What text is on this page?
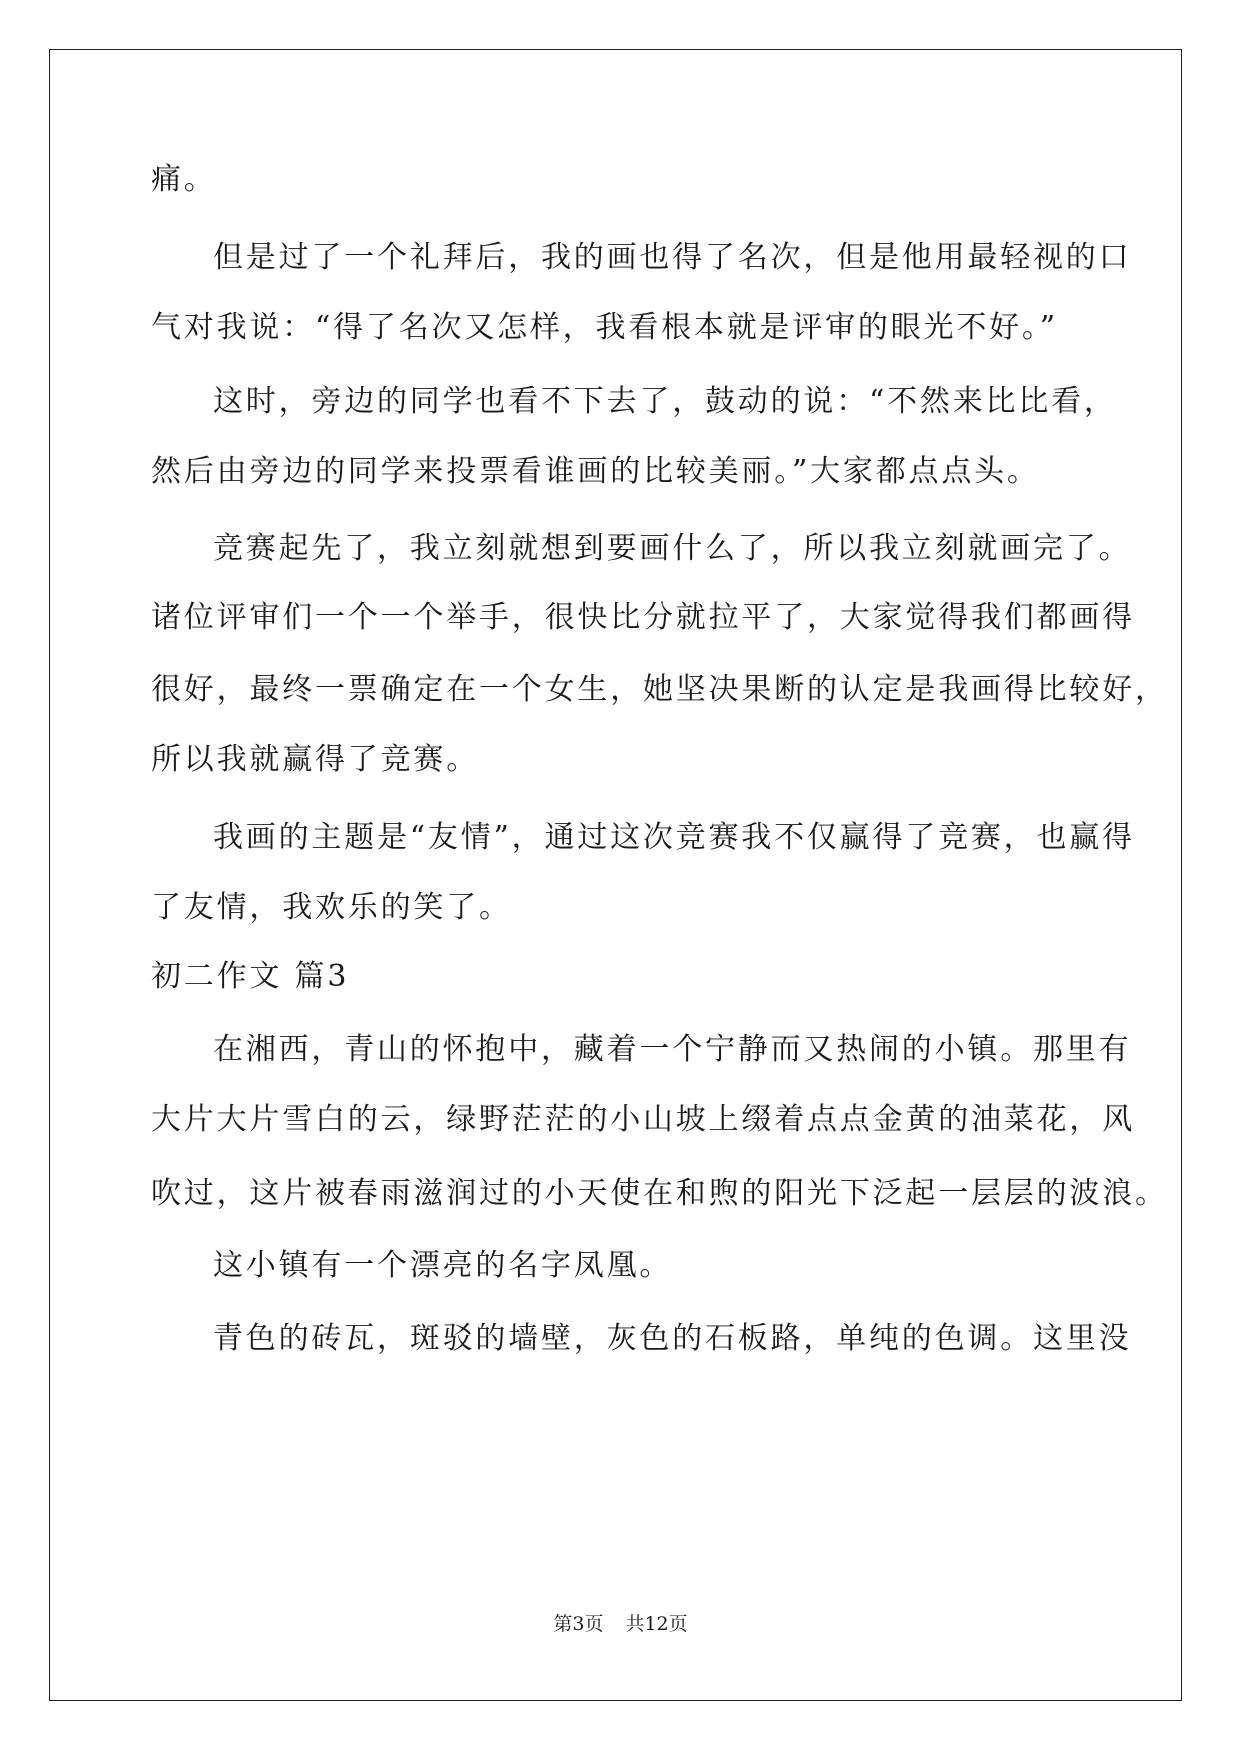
痛。
但是过了一个礼拜后，我的画也得了名次，但是他用最轻视的口
气对我说：“得了名次又怎样，我看根本就是评审的眼光不好。”
这时，旁边的同学也看不下去了，鼓动的说：“不然来比比看，
然后由旁边的同学来投票看谁画的比较美丽。”大家都点点头。
竞赛起先了，我立刻就想到要画什么了，所以我立刻就画完了。
诸位评审们一个一个举手，很快比分就拉平了，大家觉得我们都画得
很好，最终一票确定在一个女生，她坚决果断的认定是我画得比较好，
所以我就赢得了竞赛。
我画的主题是“友情”，通过这次竞赛我不仅赢得了竞赛，也赢得
了友情，我欢乐的笑了。
初二作文 篇3
在湘西，青山的怀抱中，藏着一个宁静而又热闹的小镇。那里有
大片大片雪白的云，绿野茫茫的小山坡上缀着点点金黄的油菜花，风
吹过，这片被春雨滋润过的小天使在和煦的阳光下泛起一层层的波浪。
这小镇有一个漂亮的名字凤凰。
青色的砖瓦，斑驳的墙壁，灰色的石板路，单纯的色调。这里没
第3页 共12页
